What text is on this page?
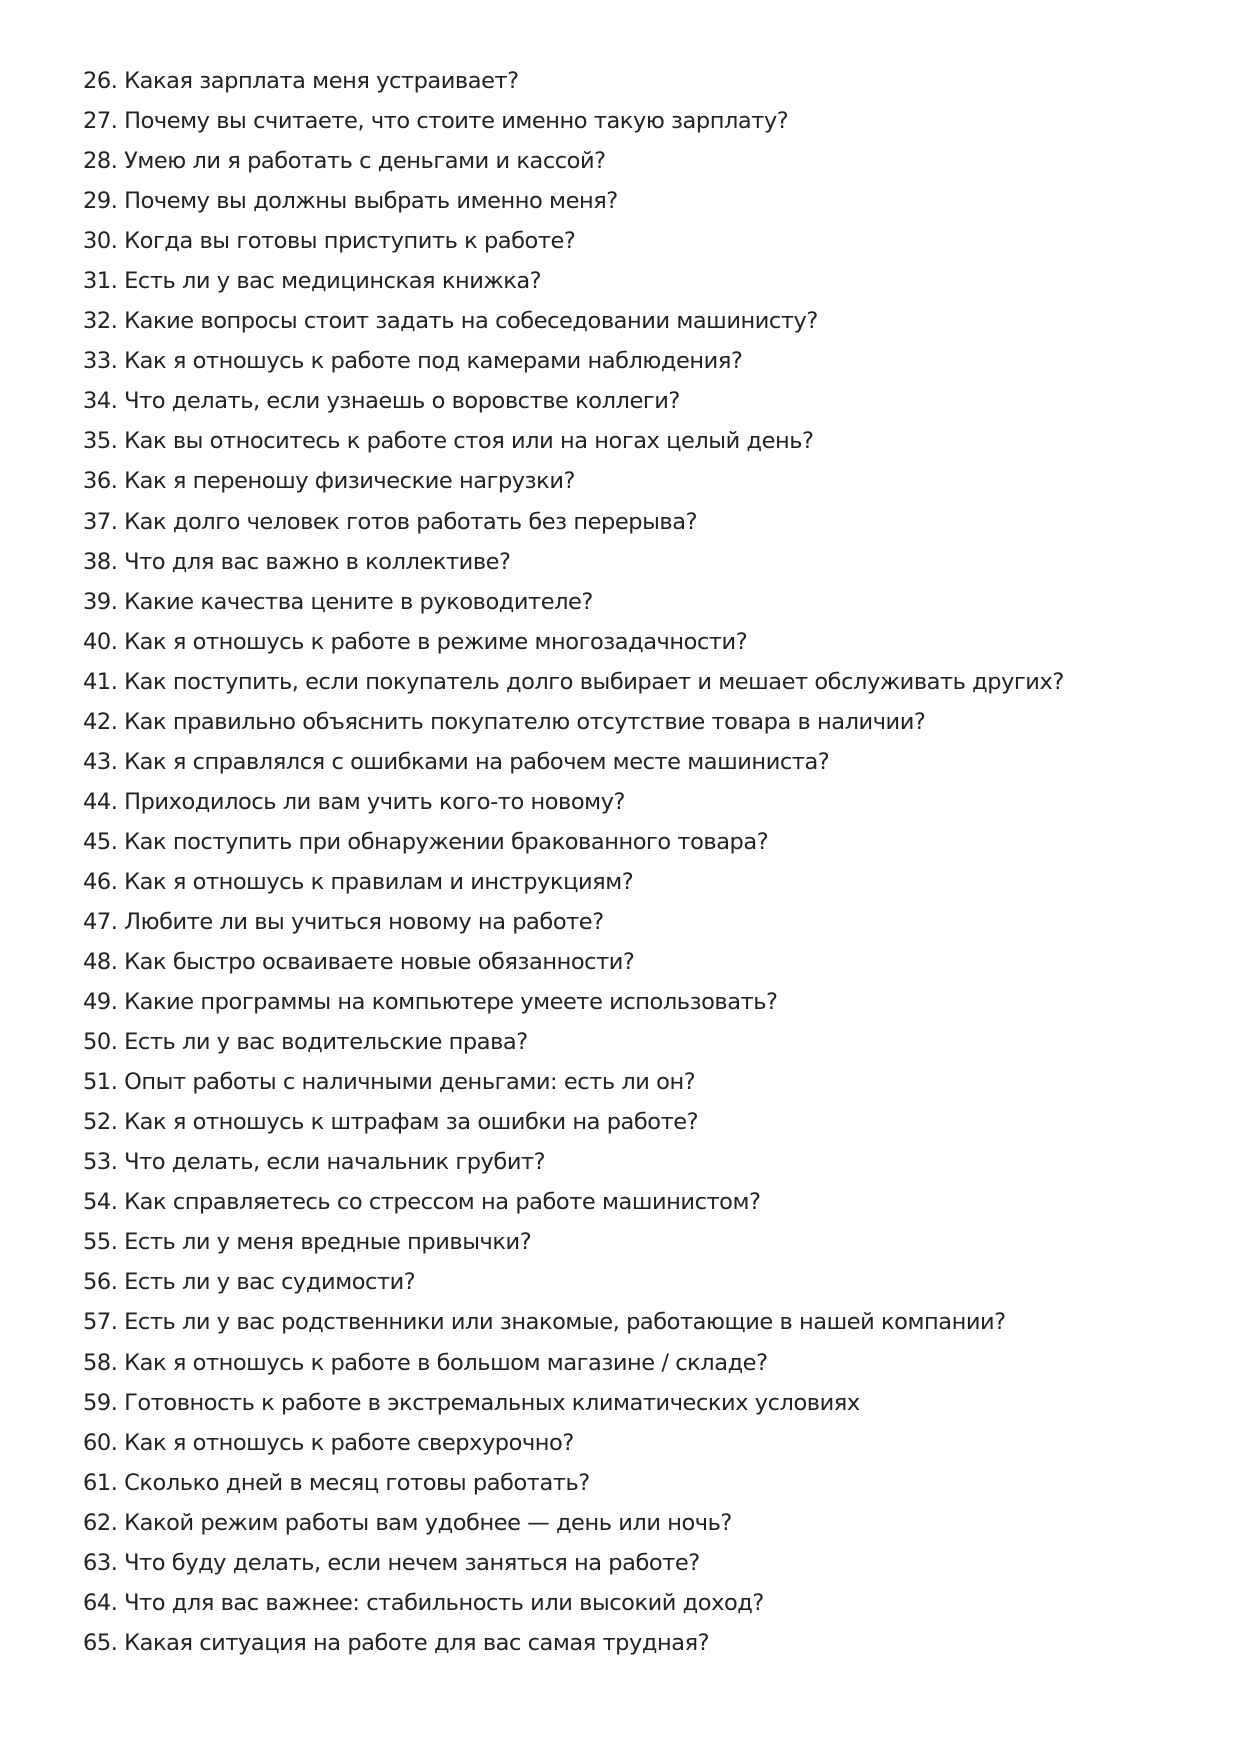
26. Какая зарплата меня устраивает?
27. Почему вы считаете, что стоите именно такую зарплату?
28. Умею ли я работать с деньгами и кассой?
29. Почему вы должны выбрать именно меня?
30. Когда вы готовы приступить к работе?
31. Есть ли у вас медицинская книжка?
32. Какие вопросы стоит задать на собеседовании машинисту?
33. Как я отношусь к работе под камерами наблюдения?
34. Что делать, если узнаешь о воровстве коллеги?
35. Как вы относитесь к работе стоя или на ногах целый день?
36. Как я переношу физические нагрузки?
37. Как долго человек готов работать без перерыва?
38. Что для вас важно в коллективе?
39. Какие качества цените в руководителе?
40. Как я отношусь к работе в режиме многозадачности?
41. Как поступить, если покупатель долго выбирает и мешает обслуживать других?
42. Как правильно объяснить покупателю отсутствие товара в наличии?
43. Как я справлялся с ошибками на рабочем месте машиниста?
44. Приходилось ли вам учить кого-то новому?
45. Как поступить при обнаружении бракованного товара?
46. Как я отношусь к правилам и инструкциям?
47. Любите ли вы учиться новому на работе?
48. Как быстро осваиваете новые обязанности?
49. Какие программы на компьютере умеете использовать?
50. Есть ли у вас водительские права?
51. Опыт работы с наличными деньгами: есть ли он?
52. Как я отношусь к штрафам за ошибки на работе?
53. Что делать, если начальник грубит?
54. Как справляетесь со стрессом на работе машинистом?
55. Есть ли у меня вредные привычки?
56. Есть ли у вас судимости?
57. Есть ли у вас родственники или знакомые, работающие в нашей компании?
58. Как я отношусь к работе в большом магазине / складе?
59. Готовность к работе в экстремальных климатических условиях
60. Как я отношусь к работе сверхурочно?
61. Сколько дней в месяц готовы работать?
62. Какой режим работы вам удобнее — день или ночь?
63. Что буду делать, если нечем заняться на работе?
64. Что для вас важнее: стабильность или высокий доход?
65. Какая ситуация на работе для вас самая трудная?
